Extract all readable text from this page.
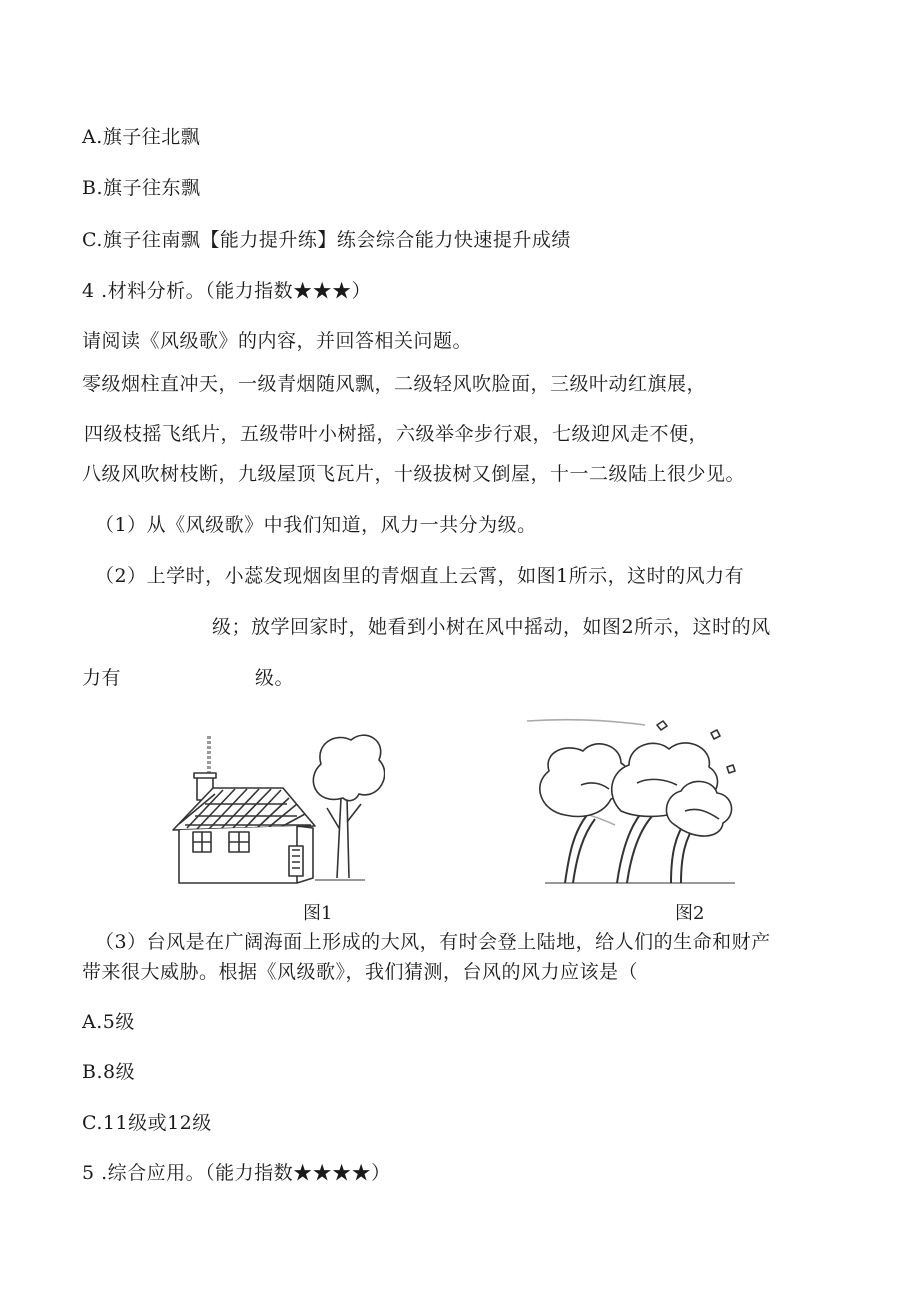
A.旗子往北飘
B.旗子往东飘
C.旗子往南飘【能力提升练】练会综合能力快速提升成绩
4 .材料分析。（能力指数★★★）
请阅读《风级歌》的内容，并回答相关问题。
零级烟柱直冲天，一级青烟随风飘，二级轻风吹脸面，三级叶动红旗展，
四级枝摇飞纸片，五级带叶小树摇，六级举伞步行艰，七级迎风走不便，
八级风吹树枝断，九级屋顶飞瓦片，十级拔树又倒屋，十一二级陆上很少见。
（1）从《风级歌》中我们知道，风力一共分为级。
（2）上学时，小蕊发现烟囱里的青烟直上云霄，如图1所示，这时的风力有
级；放学回家时，她看到小树在风中摇动，如图2所示，这时的风
力有	级。
图1	图2
（3）台风是在广阔海面上形成的大风，有时会登上陆地，给人们的生命和财产
带来很大威胁。根据《风级歌》，我们猜测，台风的风力应该是（
A.5级
B.8级
C.11级或12级
5 .综合应用。（能力指数★★★★）
